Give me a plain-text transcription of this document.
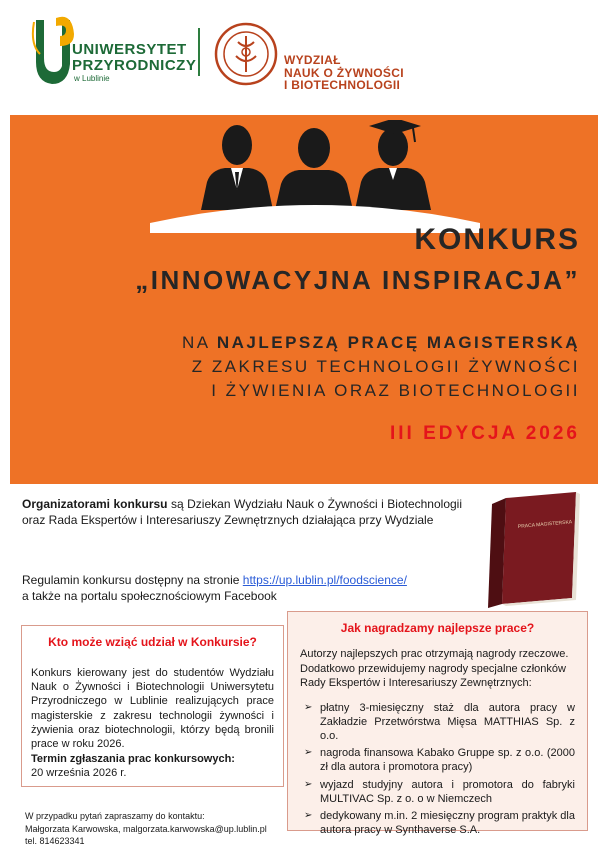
UNIWERSYTET
PRZYRODNICZY
w Lublinie
WYDZIAŁ
NAUK O ŻYWNOŚCI
I BIOTECHNOLOGII
KONKURS
„INNOWACYJNA INSPIRACJA”
NA NAJLEPSZĄ PRACĘ MAGISTERSKĄ
Z ZAKRESU TECHNOLOGII ŻYWNOŚCI
I ŻYWIENIA ORAZ BIOTECHNOLOGII
III EDYCJA 2026
Organizatorami konkursu są Dziekan Wydziału Nauk o Żywności i Biotechnologii oraz Rada Ekspertów i Interesariuszy Zewnętrznych działająca przy Wydziale
Regulamin konkursu dostępny na stronie https://up.lublin.pl/foodscience/
a także na portalu społecznościowym Facebook
PRACA MAGISTERSKA
Kto może wziąć udział w Konkursie?

Konkurs kierowany jest do studentów Wydziału Nauk o Żywności i Biotechnologii Uniwersytetu Przyrodniczego w Lublinie realizujących prace magisterskie z zakresu technologii żywności i żywienia oraz biotechnologii, którzy będą bronili prace w roku 2026.

Termin zgłaszania prac konkursowych:

20 września 2026 r.

Jak nagradzamy najlepsze prace?

Autorzy najlepszych prac otrzymają nagrody rzeczowe. Dodatkowo przewidujemy nagrody specjalne członków Rady Ekspertów i Interesariuszy Zewnętrznych:

➢ płatny 3-miesięczny staż dla autora pracy w Zakładzie Przetwórstwa Mięsa MATTHIAS Sp. z o.o.
➢ nagroda finansowa Kabako Gruppe sp. z o.o. (2000 zł dla autora i promotora pracy)
➢ wyjazd studyjny autora i promotora do fabryki MULTIVAC Sp. z o. o w Niemczech
➢ dedykowany m.in. 2 miesięczny program praktyk dla autora pracy w Synthaverse S.A.
W przypadku pytań zapraszamy do kontaktu:
Małgorzata Karwowska, malgorzata.karwowska@up.lublin.pl
tel. 814623341
